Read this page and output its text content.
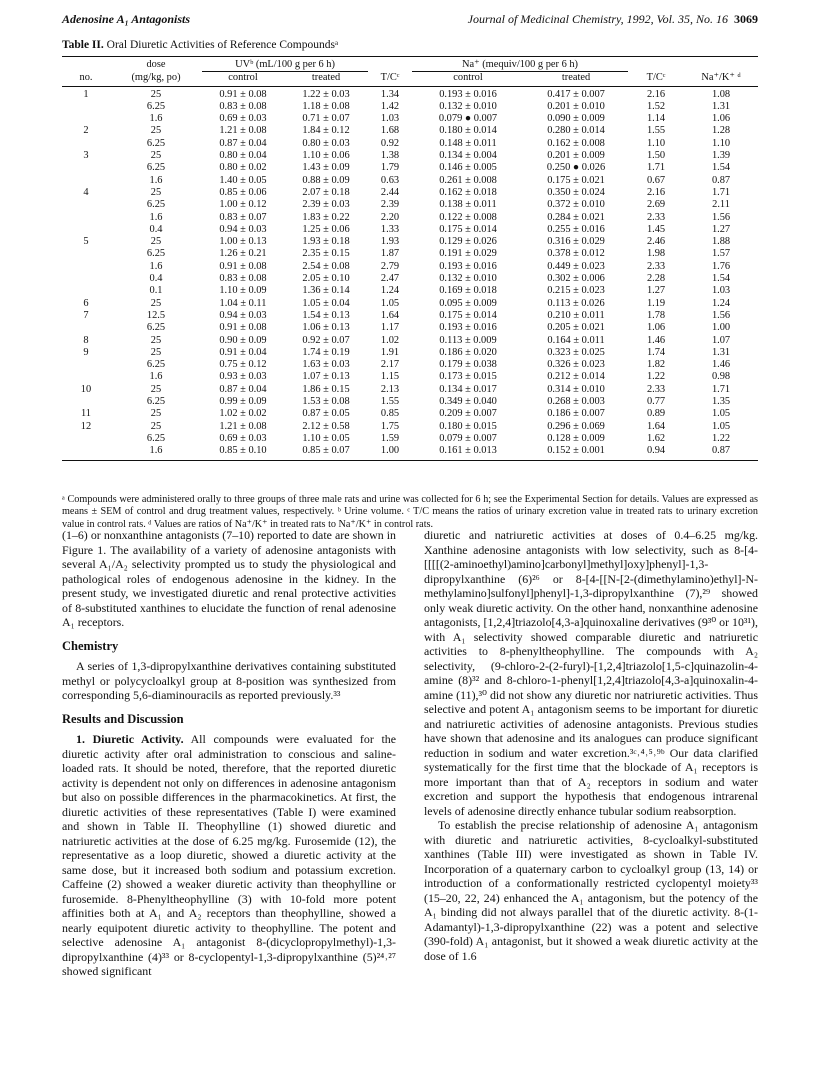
Adenosine A₁ Antagonists	Journal of Medicinal Chemistry, 1992, Vol. 35, No. 16 3069
Table II. Oral Diuretic Activities of Reference Compoundsᵃ
	dose	UVᵇ (mL/100 g per 6 h)			Na⁺ (mequiv/100 g per 6 h)			
no.	(mg/kg, po)	control	treated	T/Cᶜ	control	treated	T/Cᶜ	Na⁺/K⁺ ᵈ
1	25	0.91 ± 0.08	1.22 ± 0.03	1.34	0.193 ± 0.016	0.417 ± 0.007	2.16	1.08
	6.25	0.83 ± 0.08	1.18 ± 0.08	1.42	0.132 ± 0.010	0.201 ± 0.010	1.52	1.31
	1.6	0.69 ± 0.03	0.71 ± 0.07	1.03	0.079 ● 0.007	0.090 ± 0.009	1.14	1.06
2	25	1.21 ± 0.08	1.84 ± 0.12	1.68	0.180 ± 0.014	0.280 ± 0.014	1.55	1.28
	6.25	0.87 ± 0.04	0.80 ± 0.03	0.92	0.148 ± 0.011	0.162 ± 0.008	1.10	1.10
3	25	0.80 ± 0.04	1.10 ± 0.06	1.38	0.134 ± 0.004	0.201 ± 0.009	1.50	1.39
	6.25	0.80 ± 0.02	1.43 ± 0.09	1.79	0.146 ± 0.005	0.250 ● 0.026	1.71	1.54
	1.6	1.40 ± 0.05	0.88 ± 0.09	0.63	0.261 ± 0.008	0.175 ± 0.021	0.67	0.87
4	25	0.85 ± 0.06	2.07 ± 0.18	2.44	0.162 ± 0.018	0.350 ± 0.024	2.16	1.71
	6.25	1.00 ± 0.12	2.39 ± 0.03	2.39	0.138 ± 0.011	0.372 ± 0.010	2.69	2.11
	1.6	0.83 ± 0.07	1.83 ± 0.22	2.20	0.122 ± 0.008	0.284 ± 0.021	2.33	1.56
	0.4	0.94 ± 0.03	1.25 ± 0.06	1.33	0.175 ± 0.014	0.255 ± 0.016	1.45	1.27
5	25	1.00 ± 0.13	1.93 ± 0.18	1.93	0.129 ± 0.026	0.316 ± 0.029	2.46	1.88
	6.25	1.26 ± 0.21	2.35 ± 0.15	1.87	0.191 ± 0.029	0.378 ± 0.012	1.98	1.57
	1.6	0.91 ± 0.08	2.54 ± 0.08	2.79	0.193 ± 0.016	0.449 ± 0.023	2.33	1.76
	0.4	0.83 ± 0.08	2.05 ± 0.10	2.47	0.132 ± 0.010	0.302 ± 0.006	2.28	1.54
	0.1	1.10 ± 0.09	1.36 ± 0.14	1.24	0.169 ± 0.018	0.215 ± 0.023	1.27	1.03
6	25	1.04 ± 0.11	1.05 ± 0.04	1.05	0.095 ± 0.009	0.113 ± 0.026	1.19	1.24
7	12.5	0.94 ± 0.03	1.54 ± 0.13	1.64	0.175 ± 0.014	0.210 ± 0.011	1.78	1.56
	6.25	0.91 ± 0.08	1.06 ± 0.13	1.17	0.193 ± 0.016	0.205 ± 0.021	1.06	1.00
8	25	0.90 ± 0.09	0.92 ± 0.07	1.02	0.113 ± 0.009	0.164 ± 0.011	1.46	1.07
9	25	0.91 ± 0.04	1.74 ± 0.19	1.91	0.186 ± 0.020	0.323 ± 0.025	1.74	1.31
	6.25	0.75 ± 0.12	1.63 ± 0.03	2.17	0.179 ± 0.038	0.326 ± 0.023	1.82	1.46
	1.6	0.93 ± 0.03	1.07 ± 0.13	1.15	0.173 ± 0.015	0.212 ± 0.014	1.22	0.98
10	25	0.87 ± 0.04	1.86 ± 0.15	2.13	0.134 ± 0.017	0.314 ± 0.010	2.33	1.71
	6.25	0.99 ± 0.09	1.53 ± 0.08	1.55	0.349 ± 0.040	0.268 ± 0.003	0.77	1.35
11	25	1.02 ± 0.02	0.87 ± 0.05	0.85	0.209 ± 0.007	0.186 ± 0.007	0.89	1.05
12	25	1.21 ± 0.08	2.12 ± 0.58	1.75	0.180 ± 0.015	0.296 ± 0.069	1.64	1.05
	6.25	0.69 ± 0.03	1.10 ± 0.05	1.59	0.079 ± 0.007	0.128 ± 0.009	1.62	1.22
	1.6	0.85 ± 0.10	0.85 ± 0.07	1.00	0.161 ± 0.013	0.152 ± 0.001	0.94	0.87
ᵃ Compounds were administered orally to three groups of three male rats and urine was collected for 6 h; see the Experimental Section for details. Values are expressed as means ± SEM of control and drug treatment values, respectively. ᵇ Urine volume. ᶜ T/C means the ratios of urinary excretion value in treated rats to urinary excretion value in control rats. ᵈ Values are ratios of Na⁺/K⁺ in treated rats to Na⁺/K⁺ in control rats.

(1–6) or nonxanthine antagonists (7–10) reported to date are shown in Figure 1. The availability of a variety of adenosine antagonists with several A₁/A₂ selectivity prompted us to study the physiological and pathological roles of endogenous adenosine in the kidney. In the present study, we investigated diuretic and renal protective activities of 8-substituted xanthines to elucidate the function of renal adenosine A₁ receptors.

Chemistry

A series of 1,3-dipropylxanthine derivatives containing substituted methyl or polycycloalkyl group at 8-position was synthesized from corresponding 5,6-diaminouracils as reported previously.³³

Results and Discussion

1. Diuretic Activity. All compounds were evaluated for the diuretic activity after oral administration to conscious and saline-loaded rats. It should be noted, therefore, that the reported diuretic activity is dependent not only on differences in adenosine antagonism but also on possible differences in the pharmacokinetics. At first, the diuretic activities of these representatives (Table I) were examined and shown in Table II. Theophylline (1) showed diuretic and natriuretic activities at the dose of 6.25 mg/kg. Furosemide (12), the representative as a loop diuretic, showed a diuretic activity at the same dose, but it increased both sodium and potassium excretion. Caffeine (2) showed a weaker diuretic activity than theophylline or furosemide. 8-Phenyltheophylline (3) with 10-fold more potent affinities both at A₁ and A₂ receptors than theophylline, showed a nearly equipotent diuretic activity to theophylline. The potent and selective adenosine A₁ antagonist 8-(dicyclopropylmethyl)-1,3-dipropylxanthine (4)³³ or 8-cyclopentyl-1,3-dipropylxanthine (5)²⁴˒²⁷ showed significant

diuretic and natriuretic activities at doses of 0.4–6.25 mg/kg. Xanthine adenosine antagonists with low selectivity, such as 8-[4-[[[[(2-aminoethyl)amino]carbonyl]methyl]oxy]phenyl]-1,3-dipropylxanthine (6)²⁶ or 8-[4-[[N-[2-(dimethylamino)ethyl]-N-methylamino]sulfonyl]phenyl]-1,3-dipropylxanthine (7),²⁹ showed only weak diuretic activity. On the other hand, nonxanthine adenosine antagonists, [1,2,4]triazolo[4,3-a]quinoxaline derivatives (9³⁰ or 10³¹), with A₁ selectivity showed comparable diuretic and natriuretic activities to 8-phenyltheophylline. The compounds with A₂ selectivity, (9-chloro-2-(2-furyl)-[1,2,4]triazolo[1,5-c]quinazolin-4-amine (8)³² and 8-chloro-1-phenyl[1,2,4]triazolo[4,3-a]quinoxalin-4-amine (11),³⁰ did not show any diuretic nor natriuretic activities. Thus selective and potent A₁ antagonism seems to be important for diuretic and natriuretic activities of adenosine antagonists. Previous studies have shown that adenosine and its analogues can produce significant reduction in sodium and water excretion.³ᶜ˒⁴˒⁵˒⁹ᵇ Our data clarified systematically for the first time that the blockade of A₁ receptors is more important than that of A₂ receptors in sodium and water excretion and support the hypothesis that endogenous intrarenal levels of adenosine directly enhance tubular sodium reabsorption.

To establish the precise relationship of adenosine A₁ antagonism with diuretic and natriuretic activities, 8-cycloalkyl-substituted xanthines (Table III) were investigated as shown in Table IV. Incorporation of a quaternary carbon to cycloalkyl group (13, 14) or introduction of a conformationally restricted cyclopentyl moiety³³ (15–20, 22, 24) enhanced the A₁ antagonism, but the potency of the A₁ binding did not always parallel that of the diuretic activity. 8-(1-Adamantyl)-1,3-dipropylxanthine (22) was a potent and selective (390-fold) A₁ antagonist, but it showed a weak diuretic activity at the dose of 1.6
